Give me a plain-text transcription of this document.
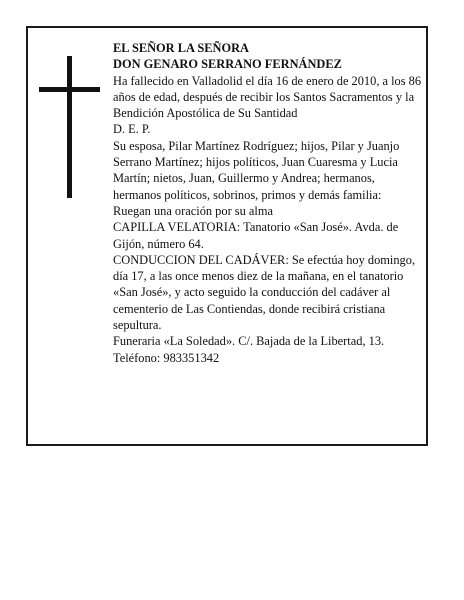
EL SEÑOR LA SEÑORA

DON GENARO SERRANO FERNÁNDEZ

Ha fallecido en Valladolid el día 16 de enero de 2010, a los 86 años de edad, después de recibir los Santos Sacramentos y la Bendición Apostólica de Su Santidad

D. E. P.

Su esposa, Pilar Martínez Rodríguez; hijos, Pilar y Juanjo Serrano Martínez; hijos políticos, Juan Cuaresma y Lucia Martín; nietos, Juan, Guillermo y Andrea; hermanos, hermanos políticos, sobrinos, primos y demás familia:

Ruegan una oración por su alma

CAPILLA VELATORIA: Tanatorio «San José». Avda. de Gijón, número 64.

CONDUCCION DEL CADÁVER: Se efectúa hoy domingo, día 17, a las once menos diez de la mañana, en el tanatorio «San José», y acto seguido la conducción del cadáver al cementerio de Las Contiendas, donde recibirá cristiana sepultura.

Funeraria «La Soledad». C/. Bajada de la Libertad, 13.

Teléfono: 983351342
